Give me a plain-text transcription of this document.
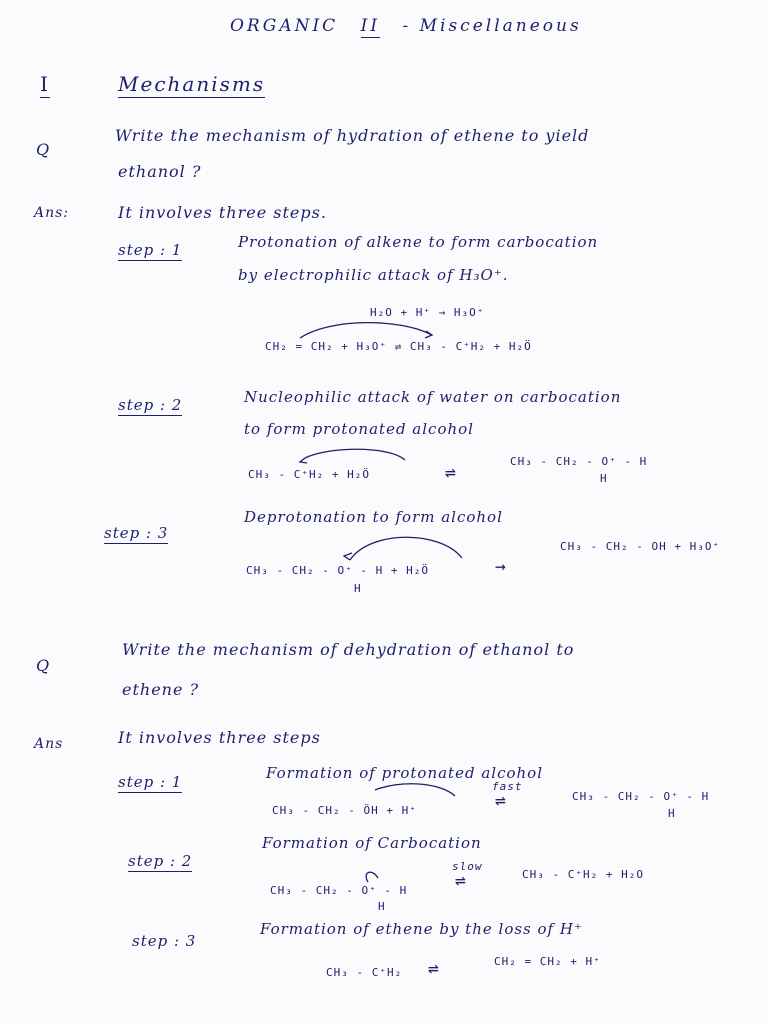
ORGANIC II - Miscellaneous
I	Mechanisms
Q
Write the mechanism of hydration of ethene to yield
ethanol ?
Ans:	It involves three steps.
step : 1	Protonation of alkene to form carbocation
by electrophilic attack of H₃O⁺.
H₂O + H⁺ → H₃O⁺
CH₂ = CH₂ + H₃O⁺ ⇌ CH₃ - C⁺H₂ + H₂Ö
step : 2	Nucleophilic attack of water on carbocation
to form protonated alcohol
CH₃ - C⁺H₂ + H₂Ö	⇌
CH₃ - CH₂ - O⁺ - H
H
step : 3
Deprotonation to form alcohol
CH₃ - CH₂ - O⁺ - H + H₂Ö
H
→
CH₃ - CH₂ - OH + H₃O⁺
Q
Write the mechanism of dehydration of ethanol to
ethene ?
Ans	It involves three steps
step : 1	Formation of protonated alcohol
CH₃ - CH₂ - ÖH + H⁺
fast
⇌	CH₃ - CH₂ - O⁺ - H
H
step : 2
Formation of Carbocation
CH₃ - CH₂ - O⁺ - H
H
slow
⇌	CH₃ - C⁺H₂ + H₂O
step : 3
Formation of ethene by the loss of H⁺
CH₃ - C⁺H₂ ⇌	CH₂ = CH₂ + H⁺
